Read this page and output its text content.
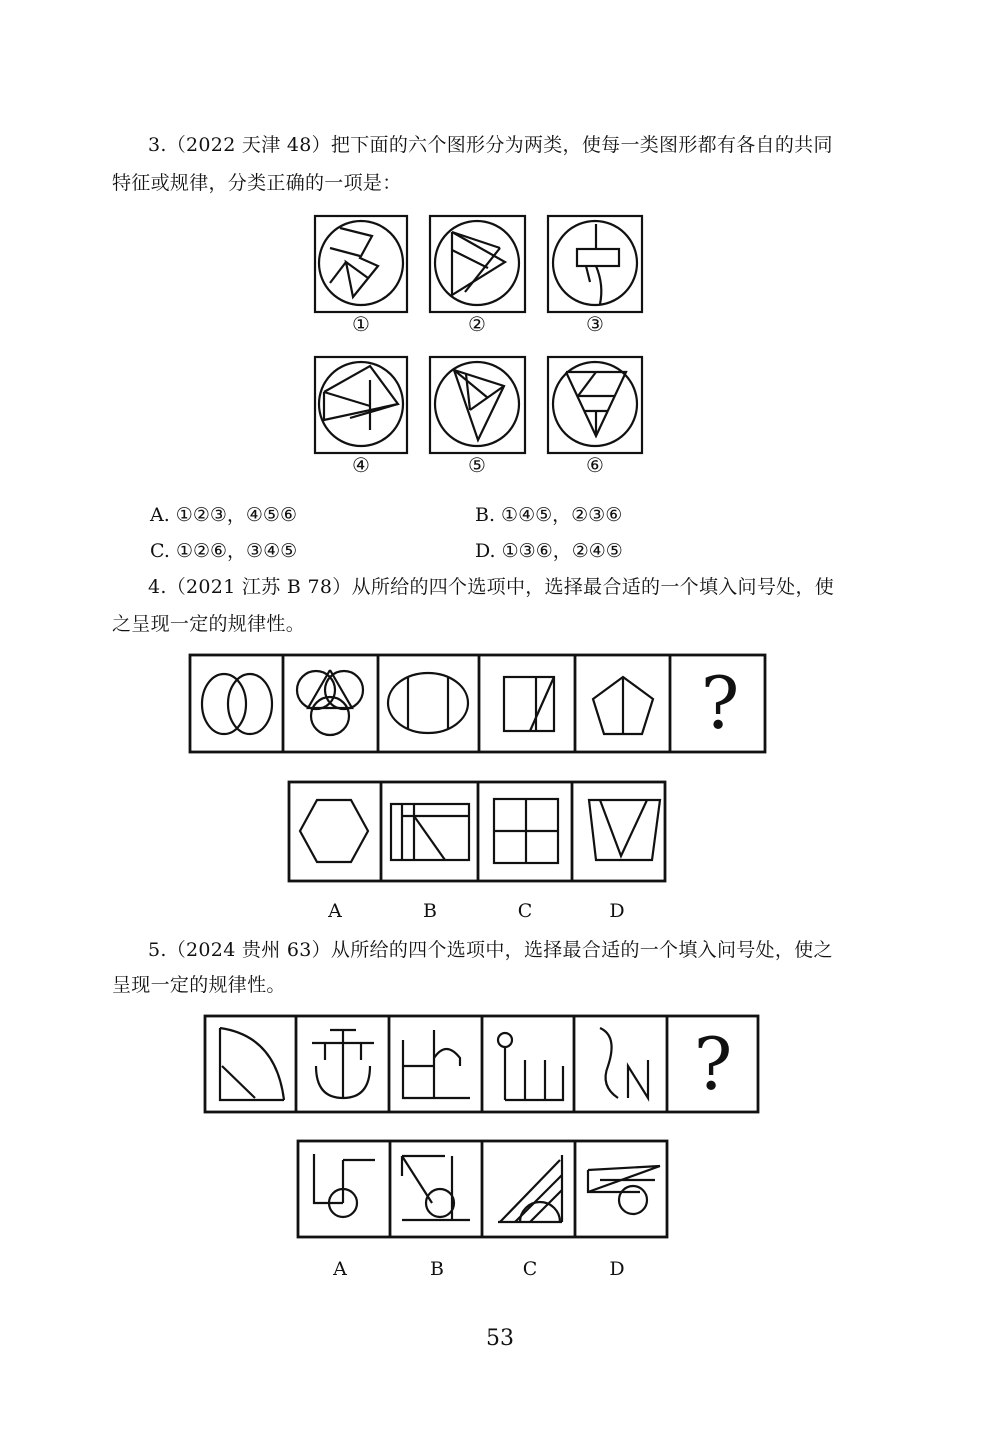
3.（2022 天津 48）把下面的六个图形分为两类，使每一类图形都有各自的共同
特征或规律，分类正确的一项是：
①	②	③
④	⑤	⑥
A. ①②③，④⑤⑥	B. ①④⑤，②③⑥
C. ①②⑥，③④⑤	D. ①③⑥，②④⑤
4.（2021 江苏 B 78）从所给的四个选项中，选择最合适的一个填入问号处，使
之呈现一定的规律性。
?
A	B	C	D
5.（2024 贵州 63）从所给的四个选项中，选择最合适的一个填入问号处，使之
呈现一定的规律性。
?
A	B	C	D
53
